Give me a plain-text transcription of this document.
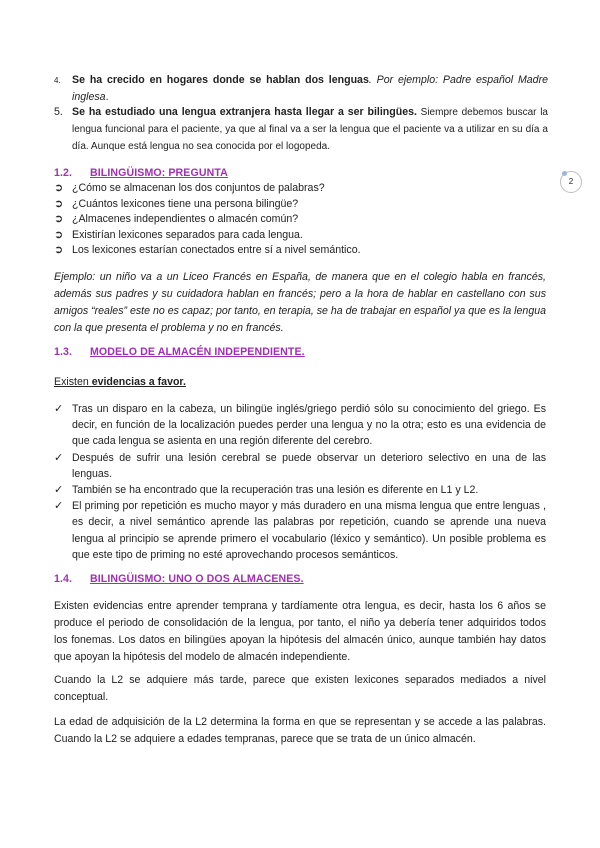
4.	Se ha crecido en hogares donde se hablan dos lenguas. Por ejemplo: Padre español Madre inglesa.
5. Se ha estudiado una lengua extranjera hasta llegar a ser bilingües. Siempre debemos buscar la lengua funcional para el paciente, ya que al final va a ser la lengua que el paciente va a utilizar en su día a día. Aunque está lengua no sea conocida por el logopeda.
2
1.2. BILINGÜISMO: PREGUNTA
➲ ¿Cómo se almacenan los dos conjuntos de palabras?
➲ ¿Cuántos lexicones tiene una persona bilingüe?
➲ ¿Almacenes independientes o almacén común?
➲ Existirían lexicones separados para cada lengua.
➲ Los lexicones estarían conectados entre sí a nivel semántico.
Ejemplo: un niño va a un Liceo Francés en España, de manera que en el colegio habla en francés, además sus padres y su cuidadora hablan en francés; pero a la hora de hablar en castellano con sus amigos “reales” este no es capaz; por tanto, en terapia, se ha de trabajar en español ya que es la lengua con la que presenta el problema y no en francés.
1.3. MODELO DE ALMACÉN INDEPENDIENTE.
Existen evidencias a favor.
✓ Tras un disparo en la cabeza, un bilingüe inglés/griego perdió sólo su conocimiento del griego. Es decir, en función de la localización puedes perder una lengua y no la otra; esto es una evidencia de que cada lengua se asienta en una región diferente del cerebro.
✓ Después de sufrir una lesión cerebral se puede observar un deterioro selectivo en una de las lenguas.
✓ También se ha encontrado que la recuperación tras una lesión es diferente en L1 y L2.
✓ El priming por repetición es mucho mayor y más duradero en una misma lengua que entre lenguas , es decir, a nivel semántico aprende las palabras por repetición, cuando se aprende una nueva lengua al principio se aprende primero el vocabulario (léxico y semántico). Un posible problema es que este tipo de priming no esté aprovechando procesos semánticos.
1.4. BILINGÜISMO: UNO O DOS ALMACENES.
Existen evidencias entre aprender temprana y tardíamente otra lengua, es decir, hasta los 6 años se produce el periodo de consolidación de la lengua, por tanto, el niño ya debería tener adquiridos todos los fonemas. Los datos en bilingües apoyan la hipótesis del almacén único, aunque también hay datos que apoyan la hipótesis del modelo de almacén independiente.
Cuando la L2 se adquiere más tarde, parece que existen lexicones separados mediados a nivel conceptual.
La edad de adquisición de la L2 determina la forma en que se representan y se accede a las palabras. Cuando la L2 se adquiere a edades tempranas, parece que se trata de un único almacén.
